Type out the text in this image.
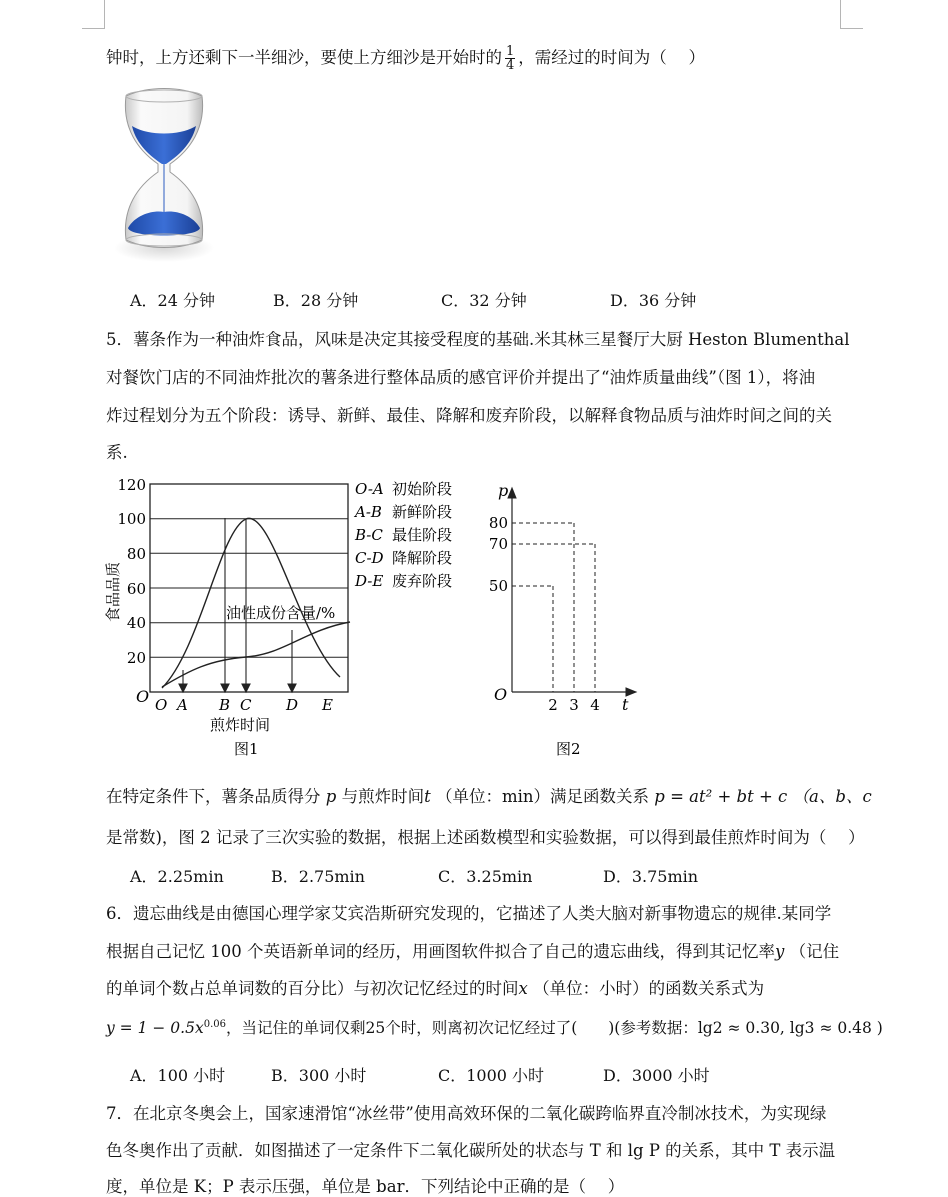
钟时，上方还剩下一半细沙，要使上方细沙是开始时的 $\frac{1}{4}$ ，需经过的时间为（　 ）
A．24 分钟	B．28 分钟	C．32 分钟	D．36 分钟
5．薯条作为一种油炸食品，风味是决定其接受程度的基础.米其林三星餐厅大厨 Heston Blumenthal
对餐饮门店的不同油炸批次的薯条进行整体品质的感官评价并提出了“油炸质量曲线”（图 1），将油
炸过程划分为五个阶段：诱导、新鲜、最佳、降解和废弃阶段，以解释食物品质与油炸时间之间的关
系.
120
100
80
60
40
20
O
食品品质	油性成份含量/%
O A B C D E
煎炸时间
图1
O-A 初始阶段
A-B 新鲜阶段
B-C 最佳阶段
C-D 降解阶段
D-E 废弃阶段
p
t
O
80
70
50
2 3 4
图2
在特定条件下，薯条品质得分 p 与煎炸时间t （单位：min）满足函数关系 p = at² + bt + c （a、b、c
是常数)，图 2 记录了三次实验的数据，根据上述函数模型和实验数据，可以得到最佳煎炸时间为（　 ）
A．2.25min	B．2.75min	C．3.25min	D．3.75min
6．遗忘曲线是由德国心理学家艾宾浩斯研究发现的，它描述了人类大脑对新事物遗忘的规律.某同学
根据自己记忆 100 个英语新单词的经历，用画图软件拟合了自己的遗忘曲线，得到其记忆率y （记住
的单词个数占总单词数的百分比）与初次记忆经过的时间x （单位：小时）的函数关系式为
$y = 1 - 0.5x^{0.06}$，当记住的单词仅剩25个时，则离初次记忆经过了(　　)(参考数据：lg2 ≈ 0.30, lg3 ≈ 0.48 )
A．100 小时	B．300 小时	C．1000 小时	D．3000 小时
7．在北京冬奥会上，国家速滑馆“冰丝带”使用高效环保的二氧化碳跨临界直冷制冰技术，为实现绿
色冬奥作出了贡献．如图描述了一定条件下二氧化碳所处的状态与 T 和 lg P 的关系，其中 T 表示温
度，单位是 K；P 表示压强，单位是 bar．下列结论中正确的是（　 ）
